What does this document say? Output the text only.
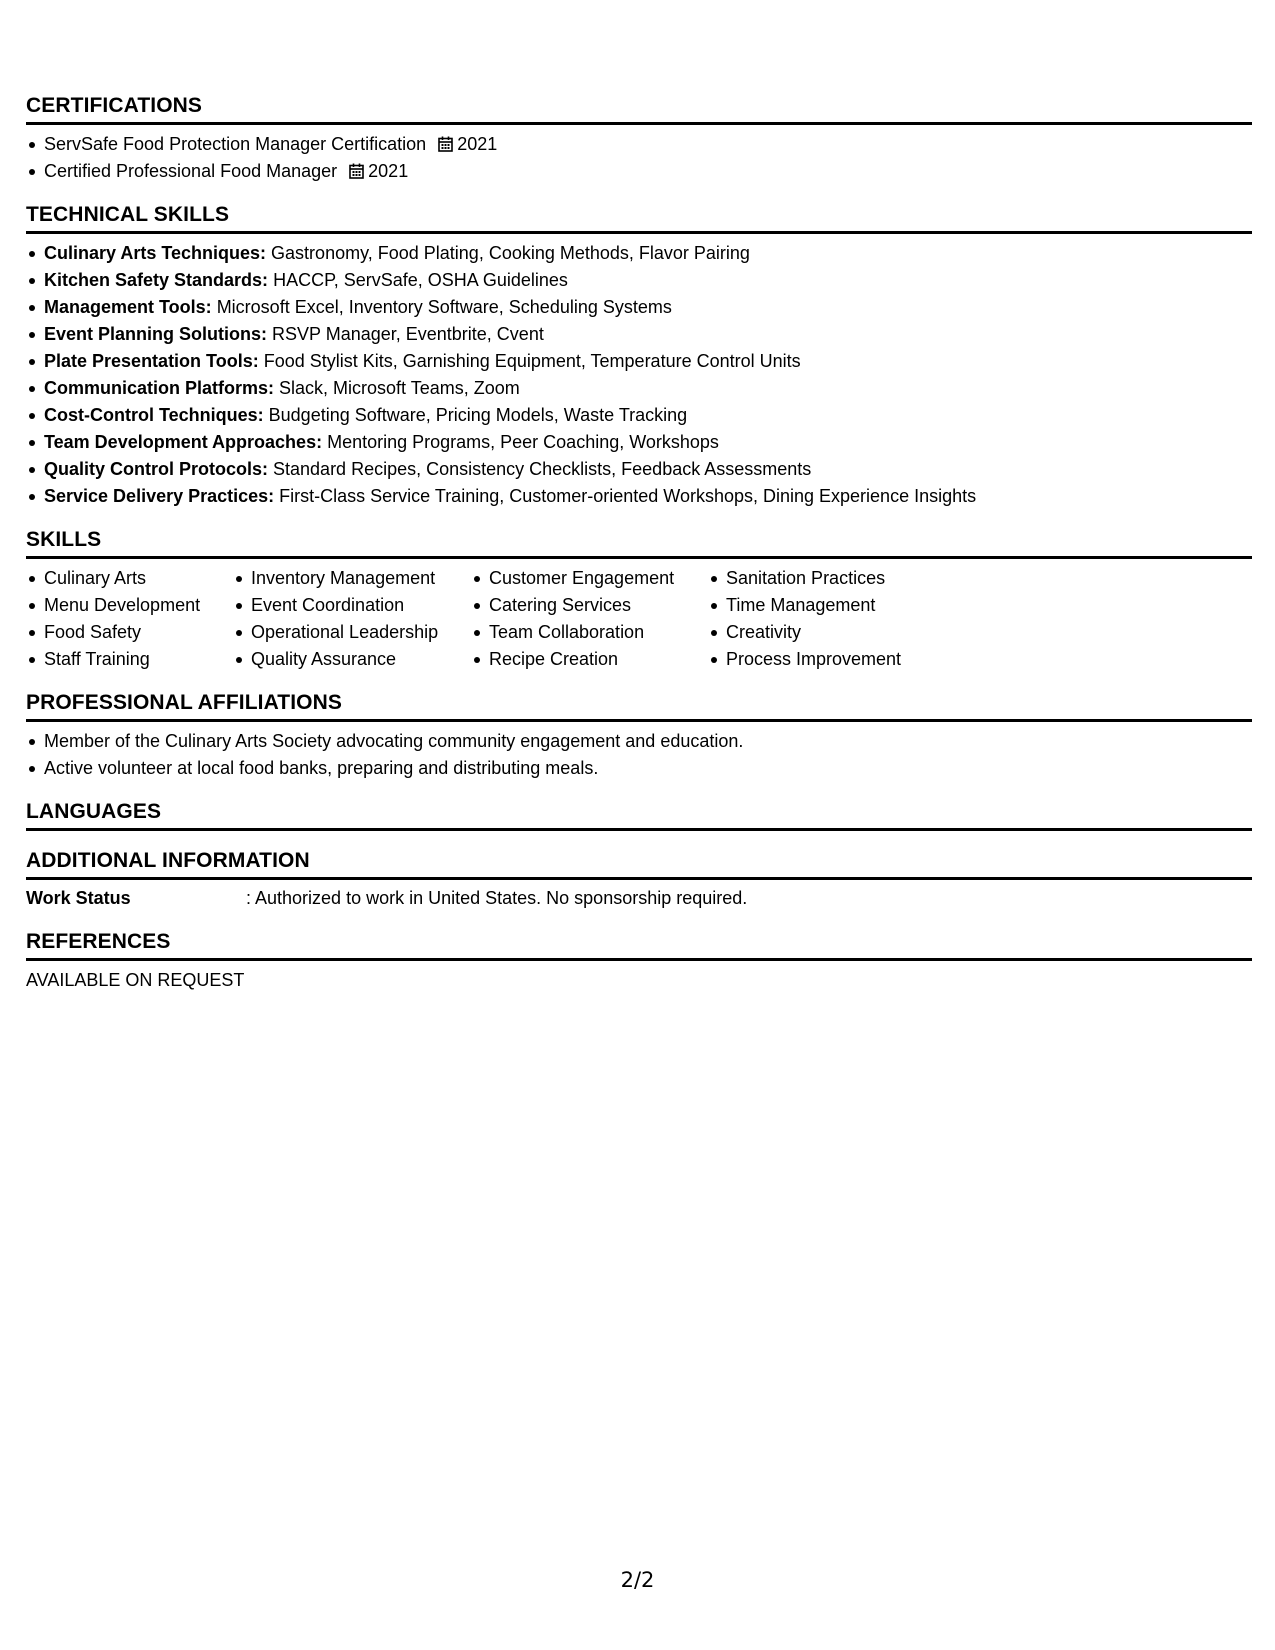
CERTIFICATIONS
ServSafe Food Protection Manager Certification 2021
Certified Professional Food Manager 2021
TECHNICAL SKILLS
Culinary Arts Techniques: Gastronomy, Food Plating, Cooking Methods, Flavor Pairing
Kitchen Safety Standards: HACCP, ServSafe, OSHA Guidelines
Management Tools: Microsoft Excel, Inventory Software, Scheduling Systems
Event Planning Solutions: RSVP Manager, Eventbrite, Cvent
Plate Presentation Tools: Food Stylist Kits, Garnishing Equipment, Temperature Control Units
Communication Platforms: Slack, Microsoft Teams, Zoom
Cost-Control Techniques: Budgeting Software, Pricing Models, Waste Tracking
Team Development Approaches: Mentoring Programs, Peer Coaching, Workshops
Quality Control Protocols: Standard Recipes, Consistency Checklists, Feedback Assessments
Service Delivery Practices: First-Class Service Training, Customer-oriented Workshops, Dining Experience Insights
SKILLS
Culinary Arts
Menu Development
Food Safety
Staff Training
Inventory Management
Event Coordination
Operational Leadership
Quality Assurance
Customer Engagement
Catering Services
Team Collaboration
Recipe Creation
Sanitation Practices
Time Management
Creativity
Process Improvement
PROFESSIONAL AFFILIATIONS
Member of the Culinary Arts Society advocating community engagement and education.
Active volunteer at local food banks, preparing and distributing meals.
LANGUAGES
ADDITIONAL INFORMATION
Work Status	: Authorized to work in United States. No sponsorship required.
REFERENCES
AVAILABLE ON REQUEST
2/2
